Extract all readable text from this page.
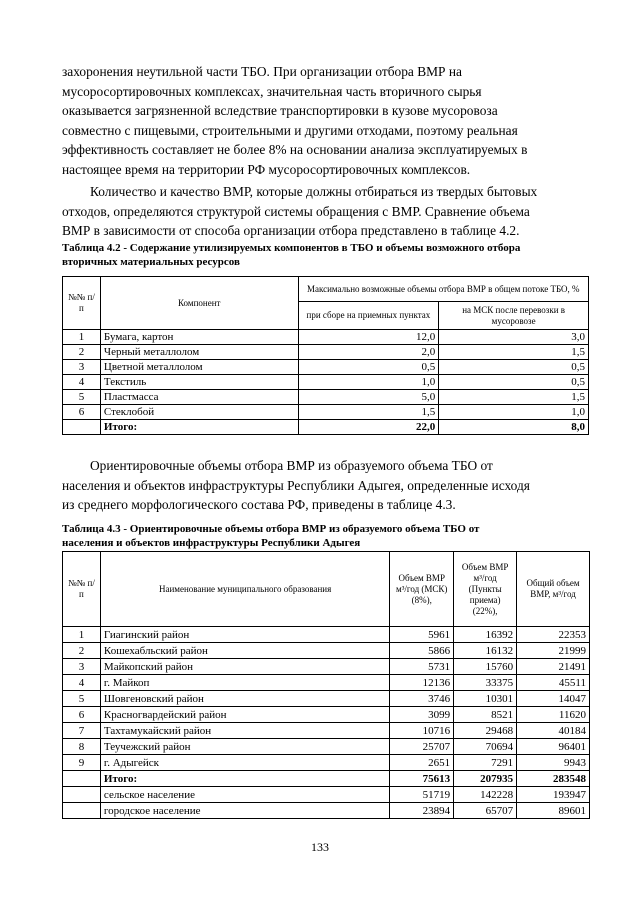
захоронения неутильной части ТБО. При организации отбора ВМР на
мусоросортировочных комплексах, значительная часть вторичного сырья
оказывается загрязненной вследствие транспортировки в кузове мусоровоза
совместно с пищевыми, строительными и другими отходами, поэтому реальная
эффективность составляет не более 8% на основании анализа эксплуатируемых в
настоящее время на территории РФ мусоросортировочных комплексов.
Количество и качество ВМР, которые должны отбираться из твердых бытовых
отходов, определяются структурой системы обращения с ВМР. Сравнение объема
ВМР в зависимости от способа организации отбора представлено в таблице 4.2.
Таблица 4.2 - Содержание утилизируемых компонентов в ТБО и объемы возможного отбора
вторичных материальных ресурсов
№№ п/п	Компонент	Максимально возможные объемы отбора ВМР в общем потоке ТБО, %	
		при сборе на приемных пунктах	на МСК после перевозки в мусоровозе
1	Бумага, картон	12,0	3,0
2	Черный металлолом	2,0	1,5
3	Цветной металлолом	0,5	0,5
4	Текстиль	1,0	0,5
5	Пластмасса	5,0	1,5
6	Стеклобой	1,5	1,0
	Итого:	22,0	8,0
Ориентировочные объемы отбора ВМР из образуемого объема ТБО от
населения и объектов инфраструктуры Республики Адыгея, определенные исходя
из среднего морфологического состава РФ, приведены в таблице 4.3.
Таблица 4.3 - Ориентировочные объемы отбора ВМР из образуемого объема ТБО от
населения и объектов инфраструктуры Республики Адыгея
№№ п/п	Наименование муниципального образования	Объем ВМР м³/год (МСК) (8%),	Объем ВМР м³/год (Пункты приема) (22%),	Общий объем ВМР, м³/год
1	Гиагинский район	5961	16392	22353
2	Кошехабльский район	5866	16132	21999
3	Майкопский район	5731	15760	21491
4	г. Майкоп	12136	33375	45511
5	Шовгеновский район	3746	10301	14047
6	Красногвардейский район	3099	8521	11620
7	Тахтамукайский район	10716	29468	40184
8	Теучежский район	25707	70694	96401
9	г. Адыгейск	2651	7291	9943
	Итого:	75613	207935	283548
	сельское население	51719	142228	193947
	городское население	23894	65707	89601
133
